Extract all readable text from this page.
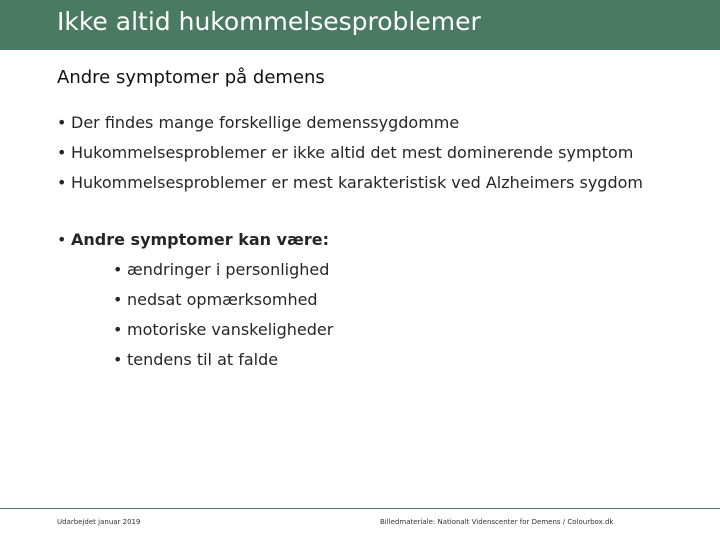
Ikke altid hukommelsesproblemer
Andre symptomer på demens
• Der findes mange forskellige demenssygdomme
• Hukommelsesproblemer er ikke altid det mest dominerende symptom
• Hukommelsesproblemer er mest karakteristisk ved Alzheimers sygdom
• Andre symptomer kan være:
• ændringer i personlighed
• nedsat opmærksomhed
• motoriske vanskeligheder
• tendens til at falde
Udarbejdet januar 2019	Billedmateriale: Nationalt Videnscenter for Demens / Colourbox.dk
